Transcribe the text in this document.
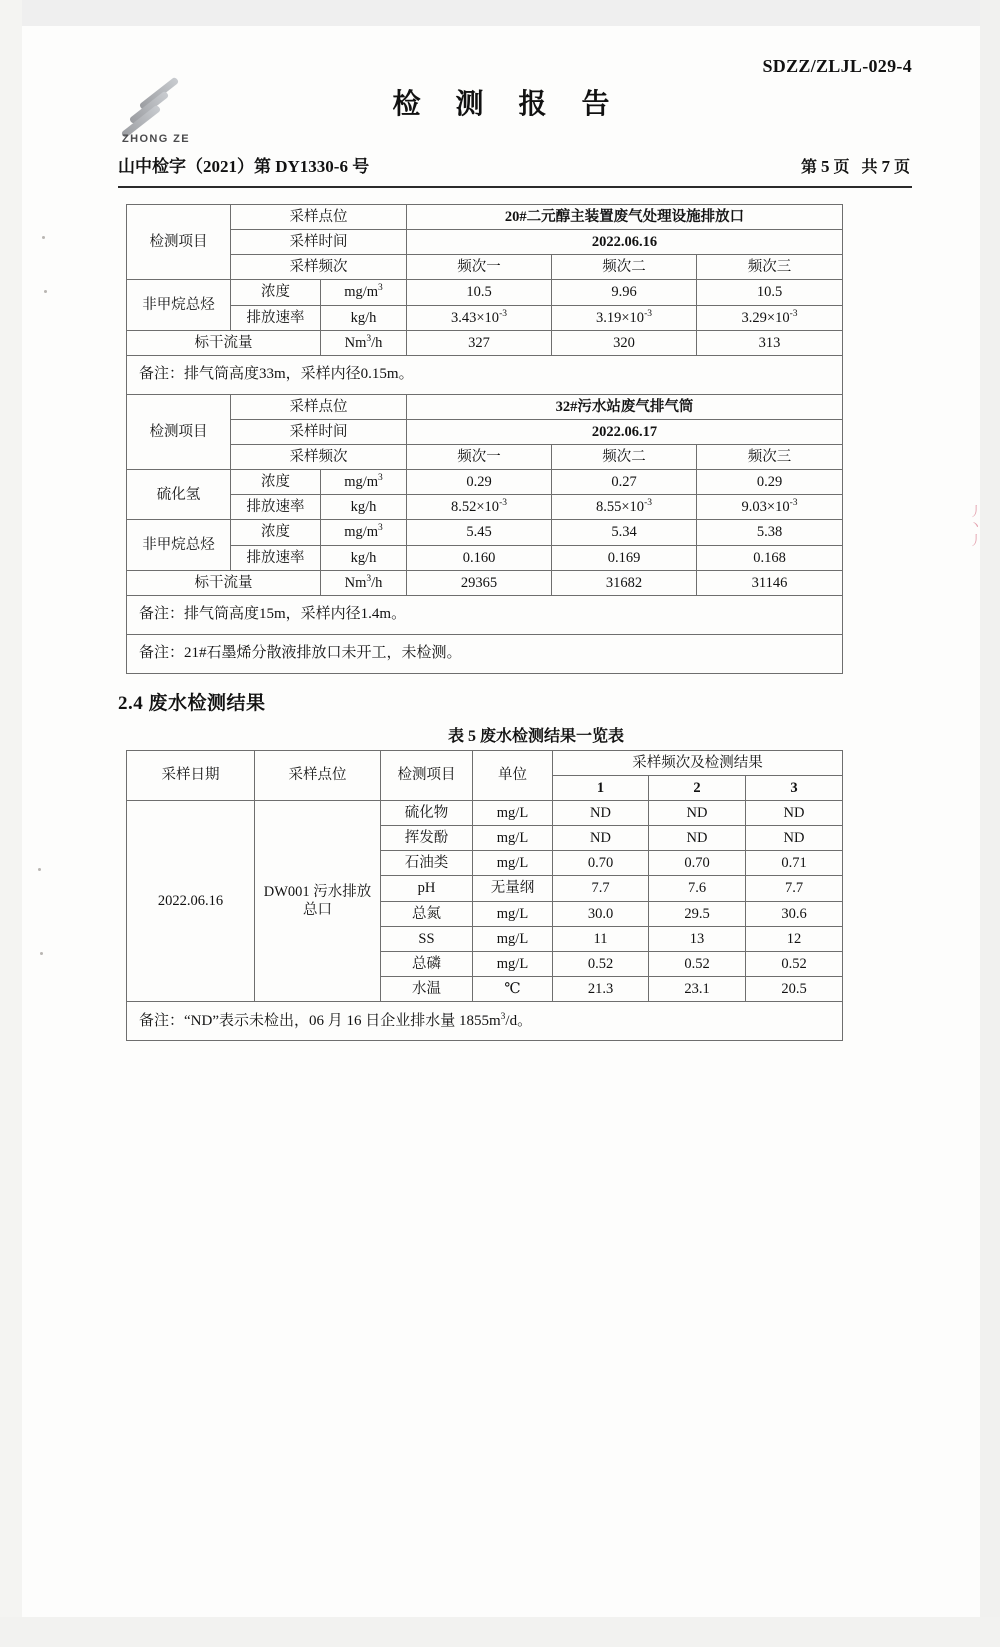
丿
丶
丿
ZHONG ZE
SDZZ/ZLJL-029-4
检 测 报 告
山中检字（2021）第 DY1330-6 号	第 5 页 共 7 页
检测项目	采样点位		20#二元醇主装置废气处理设施排放口		
	采样时间		2022.06.16		
	采样频次		频次一	频次二	频次三
非甲烷总烃	浓度	$mg/m^3$	10.5	9.96	10.5
	排放速率	kg/h	$3.43\times 10^{-3}$	$3.19\times 10^{-3}$	$3.29\times 10^{-3}$
标干流量		Nm$^3$/h	327	320	313
备注：排气筒高度33m，采样内径0.15m。					
检测项目	采样点位		32#污水站废气排气筒		
	采样时间		2022.06.17		
	采样频次		频次一	频次二	频次三
硫化氢	浓度	$mg/m^3$	0.29	0.27	0.29
	排放速率	kg/h	$8.52\times 10^{-3}$	$8.55\times 10^{-3}$	$9.03\times 10^{-3}$
非甲烷总烃	浓度	$mg/m^3$	5.45	5.34	5.38
	排放速率	kg/h	0.160	0.169	0.168
标干流量		Nm$^3$/h	29365	31682	31146
备注：排气筒高度15m，采样内径1.4m。					
备注：21#石墨烯分散液排放口未开工，未检测。					
2.4 废水检测结果
表 5 废水检测结果一览表
采样日期	采样点位	检测项目	单位	采样频次及检测结果		
				1	2	3
2022.06.16	DW001 污水排放总口	硫化物	mg/L	ND	ND	ND
		挥发酚	mg/L	ND	ND	ND
		石油类	mg/L	0.70	0.70	0.71
		pH	无量纲	7.7	7.6	7.7
		总氮	mg/L	30.0	29.5	30.6
		SS	mg/L	11	13	12
		总磷	mg/L	0.52	0.52	0.52
		水温	℃	21.3	23.1	20.5
备注：“ND”表示未检出，06 月 16 日企业排水量 $1855m^3/d$。						
